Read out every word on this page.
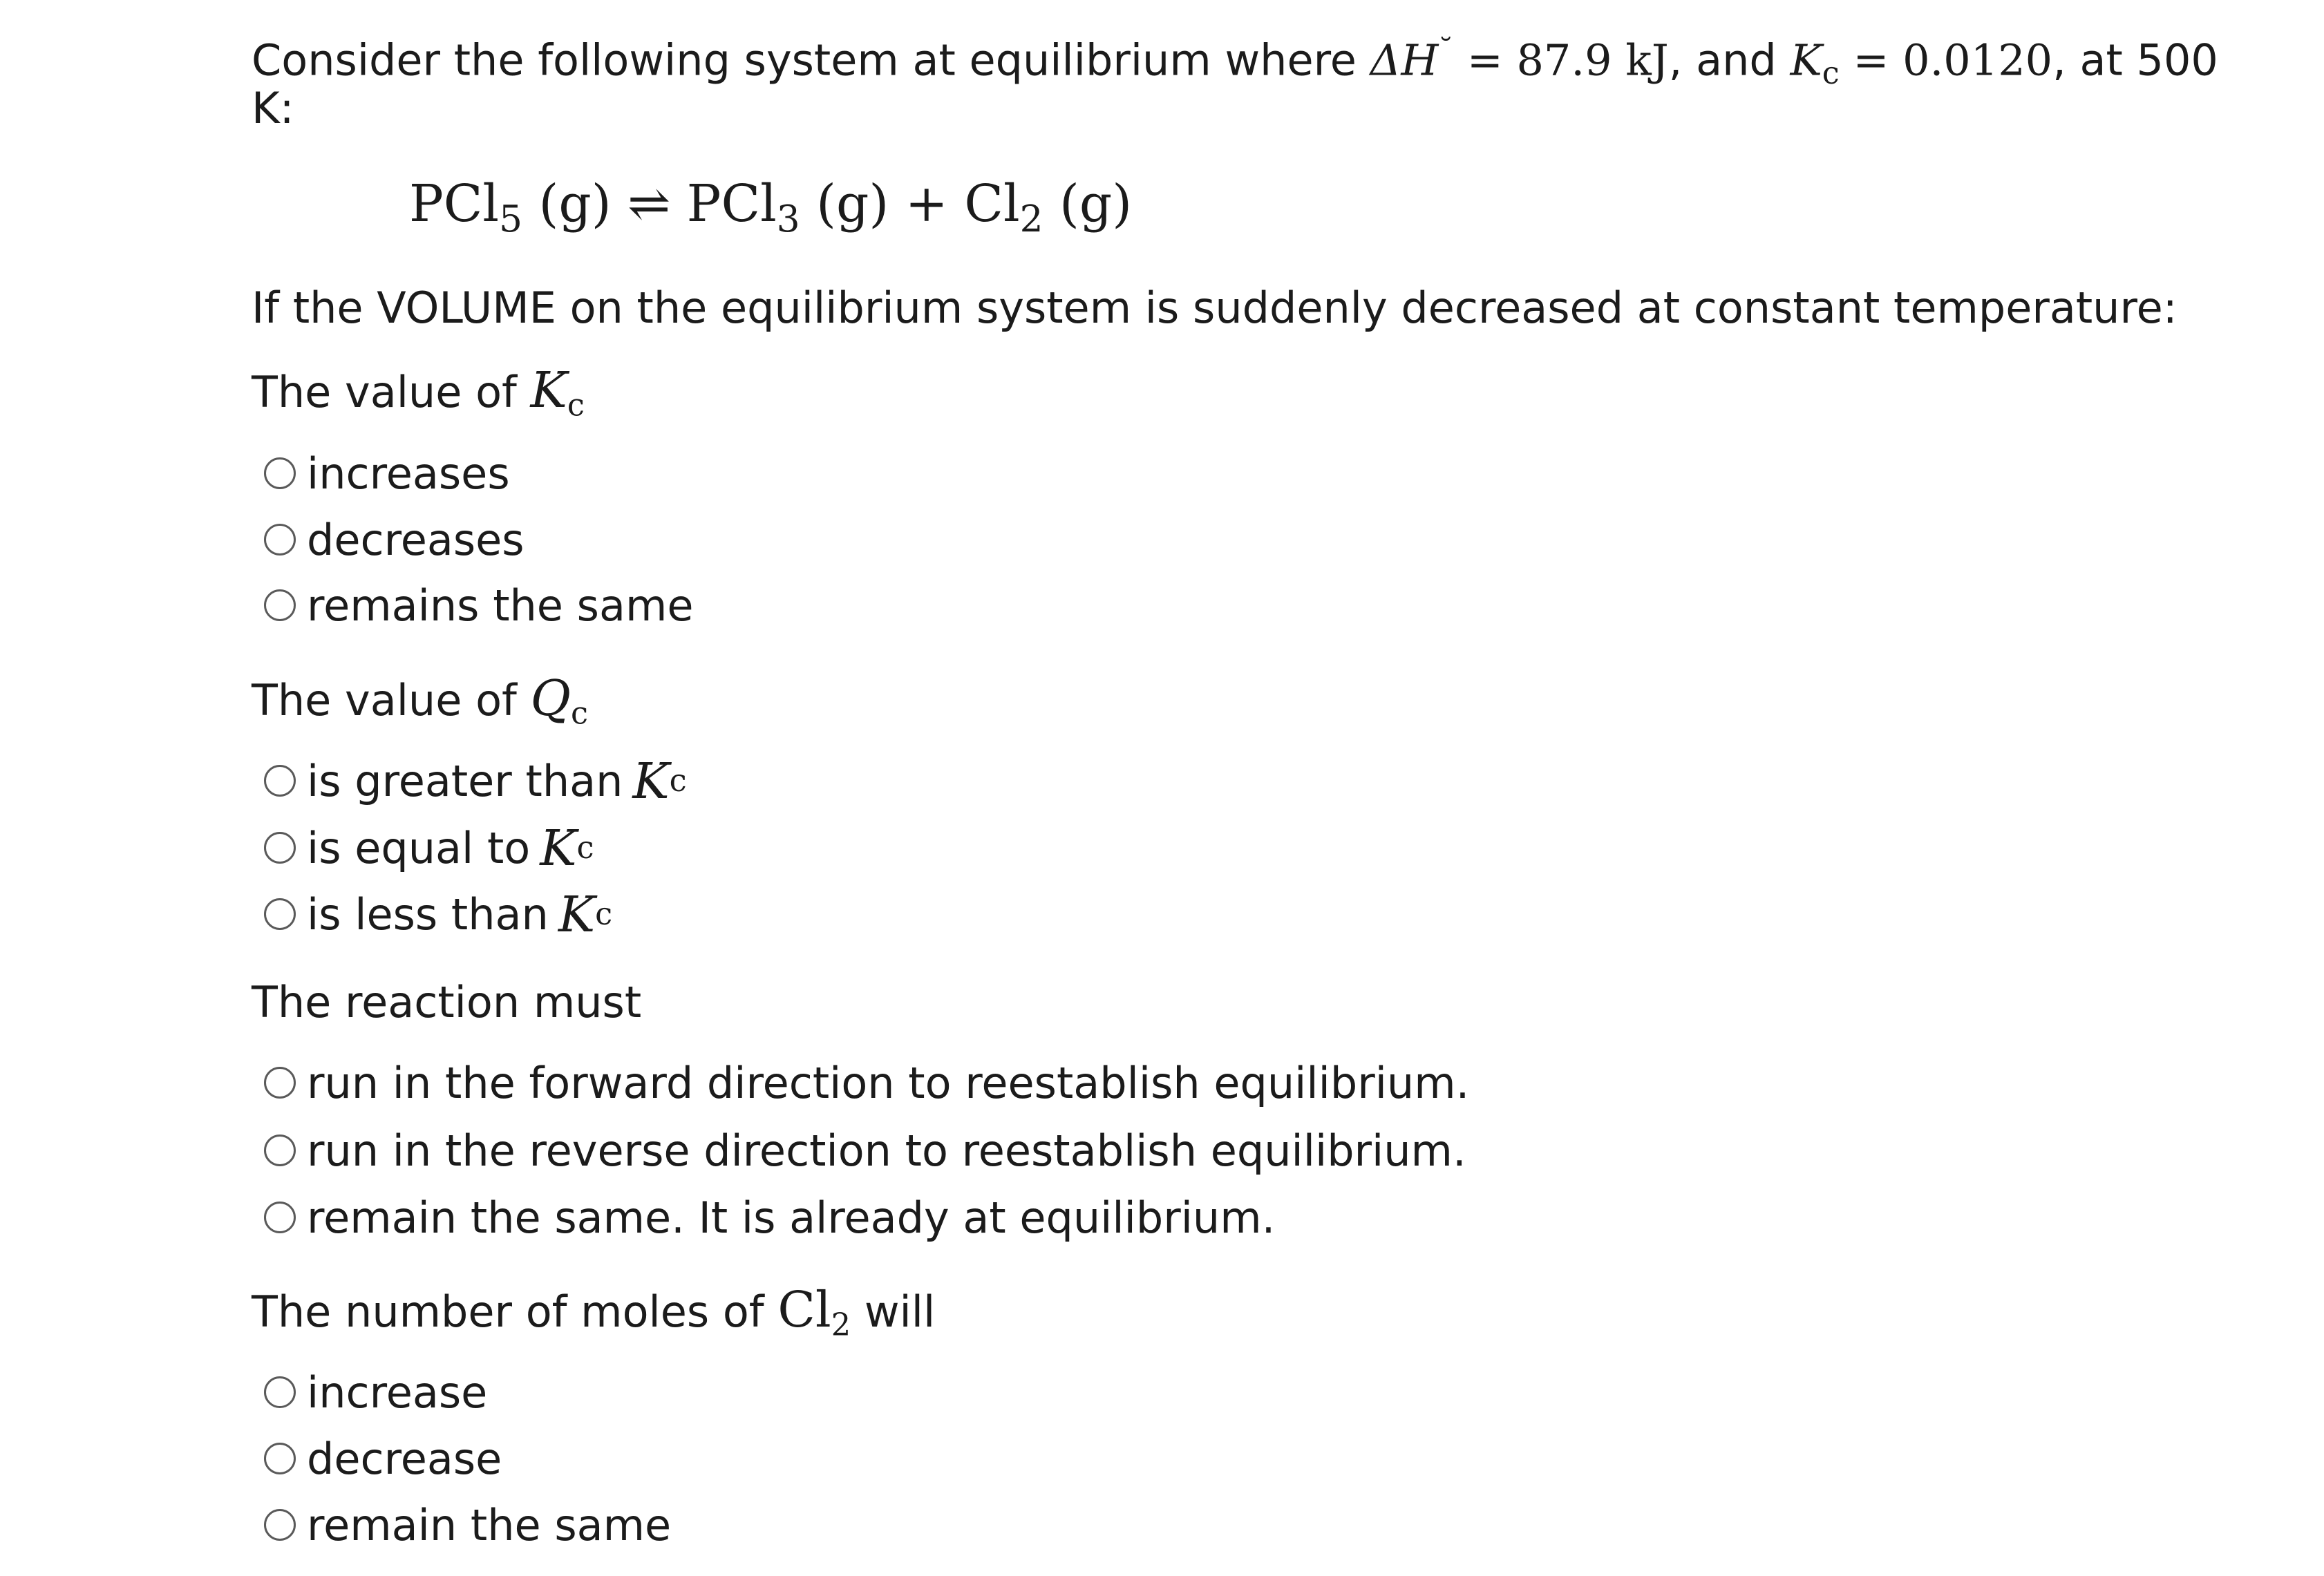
Consider the following system at equilibrium where ΔH˘ = 87.9 kJ, and $K_c = 0.0120$, at 500
K:
PCl$_5$ (g) ⇌ PCl$_3$ $(g) + Cl_2$ (g)
If the VOLUME on the equilibrium system is suddenly decreased at constant temperature:
The value of $K_c$
increases
decreases
remains the same
The value of $Q_c$
is greater than K c
is equal to K c
is less than K c
The reaction must
run in the forward direction to reestablish equilibrium.
run in the reverse direction to reestablish equilibrium.
remain the same. It is already at equilibrium.
The number of moles of $Cl_2$ will
increase
decrease
remain the same
